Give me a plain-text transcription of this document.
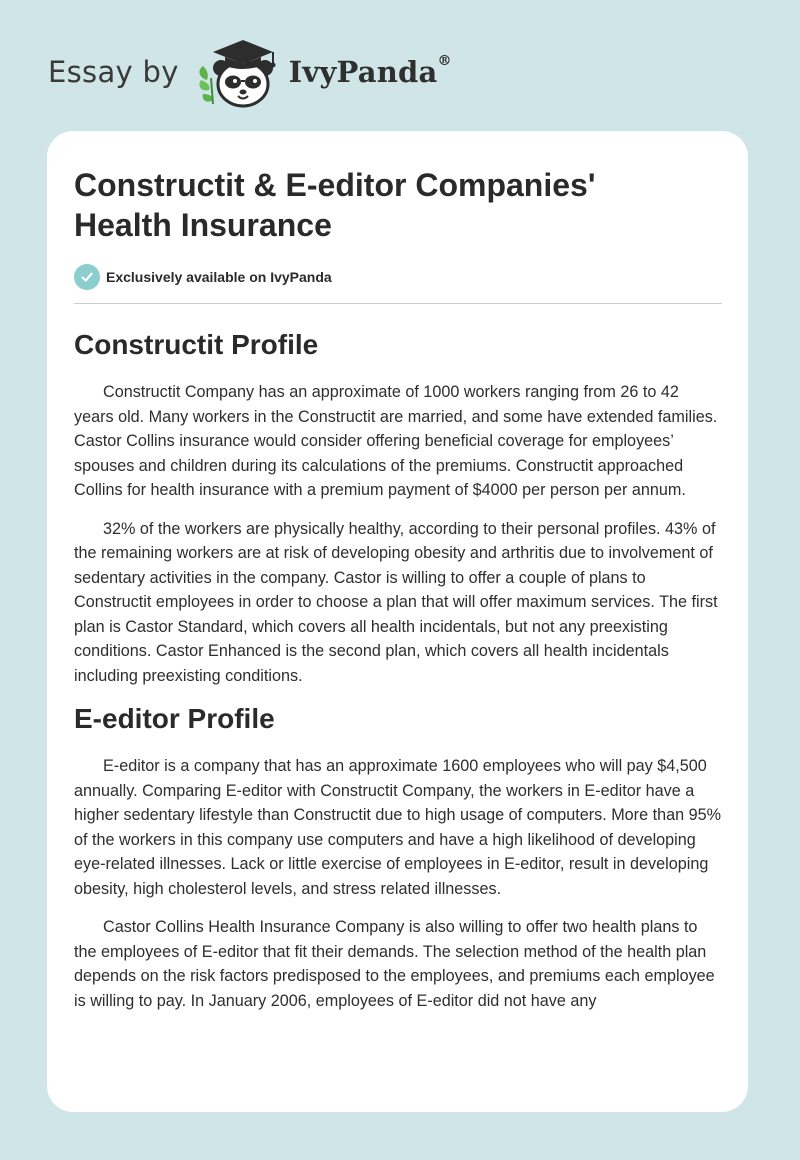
Essay by	IvyPanda®
Constructit & E-editor Companies' Health Insurance
Exclusively available on IvyPanda
Constructit Profile

Constructit Company has an approximate of 1000 workers ranging from 26 to 42 years old. Many workers in the Constructit are married, and some have extended families. Castor Collins insurance would consider offering beneficial coverage for employees’ spouses and children during its calculations of the premiums. Constructit approached Collins for health insurance with a premium payment of $4000 per person per annum.

32% of the workers are physically healthy, according to their personal profiles. 43% of the remaining workers are at risk of developing obesity and arthritis due to involvement of sedentary activities in the company. Castor is willing to offer a couple of plans to Constructit employees in order to choose a plan that will offer maximum services. The first plan is Castor Standard, which covers all health incidentals, but not any preexisting conditions. Castor Enhanced is the second plan, which covers all health incidentals including preexisting conditions.

E-editor Profile

E-editor is a company that has an approximate 1600 employees who will pay $4,500 annually. Comparing E-editor with Constructit Company, the workers in E-editor have a higher sedentary lifestyle than Constructit due to high usage of computers. More than 95% of the workers in this company use computers and have a high likelihood of developing eye-related illnesses. Lack or little exercise of employees in E-editor, result in developing obesity, high cholesterol levels, and stress related illnesses.

Castor Collins Health Insurance Company is also willing to offer two health plans to the employees of E-editor that fit their demands. The selection method of the health plan depends on the risk factors predisposed to the employees, and premiums each employee is willing to pay. In January 2006, employees of E-editor did not have any
